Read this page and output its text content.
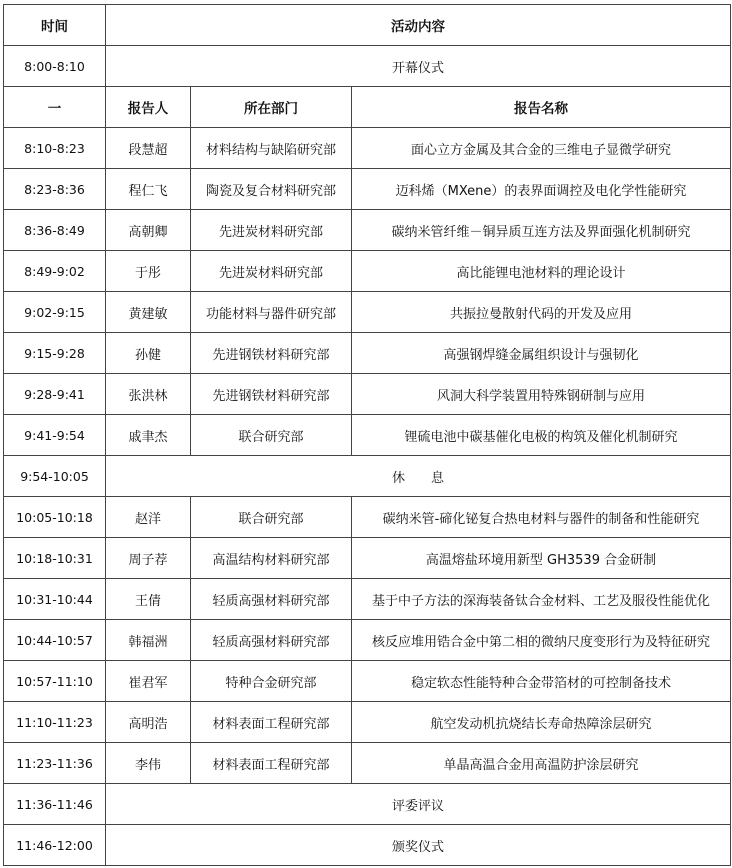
时间	活动内容		
8:00-8:10	开幕仪式		
一	报告人	所在部门	报告名称
8:10-8:23	段慧超	材料结构与缺陷研究部	面心立方金属及其合金的三维电子显微学研究
8:23-8:36	程仁飞	陶瓷及复合材料研究部	迈科烯（MXene）的表界面调控及电化学性能研究
8:36-8:49	高朝卿	先进炭材料研究部	碳纳米管纤维－铜异质互连方法及界面强化机制研究
8:49-9:02	于彤	先进炭材料研究部	高比能锂电池材料的理论设计
9:02-9:15	黄建敏	功能材料与器件研究部	共振拉曼散射代码的开发及应用
9:15-9:28	孙健	先进钢铁材料研究部	高强钢焊缝金属组织设计与强韧化
9:28-9:41	张洪林	先进钢铁材料研究部	风洞大科学装置用特殊钢研制与应用
9:41-9:54	戚聿杰	联合研究部	锂硫电池中碳基催化电极的构筑及催化机制研究
9:54-10:05	休　　息		
10:05-10:18	赵洋	联合研究部	碳纳米管-碲化铋复合热电材料与器件的制备和性能研究
10:18-10:31	周子荐	高温结构材料研究部	高温熔盐环境用新型 GH3539 合金研制
10:31-10:44	王倩	轻质高强材料研究部	基于中子方法的深海装备钛合金材料、工艺及服役性能优化
10:44-10:57	韩福洲	轻质高强材料研究部	核反应堆用锆合金中第二相的微纳尺度变形行为及特征研究
10:57-11:10	崔君军	特种合金研究部	稳定软态性能特种合金带箔材的可控制备技术
11:10-11:23	高明浩	材料表面工程研究部	航空发动机抗烧结长寿命热障涂层研究
11:23-11:36	李伟	材料表面工程研究部	单晶高温合金用高温防护涂层研究
11:36-11:46	评委评议		
11:46-12:00	颁奖仪式		
